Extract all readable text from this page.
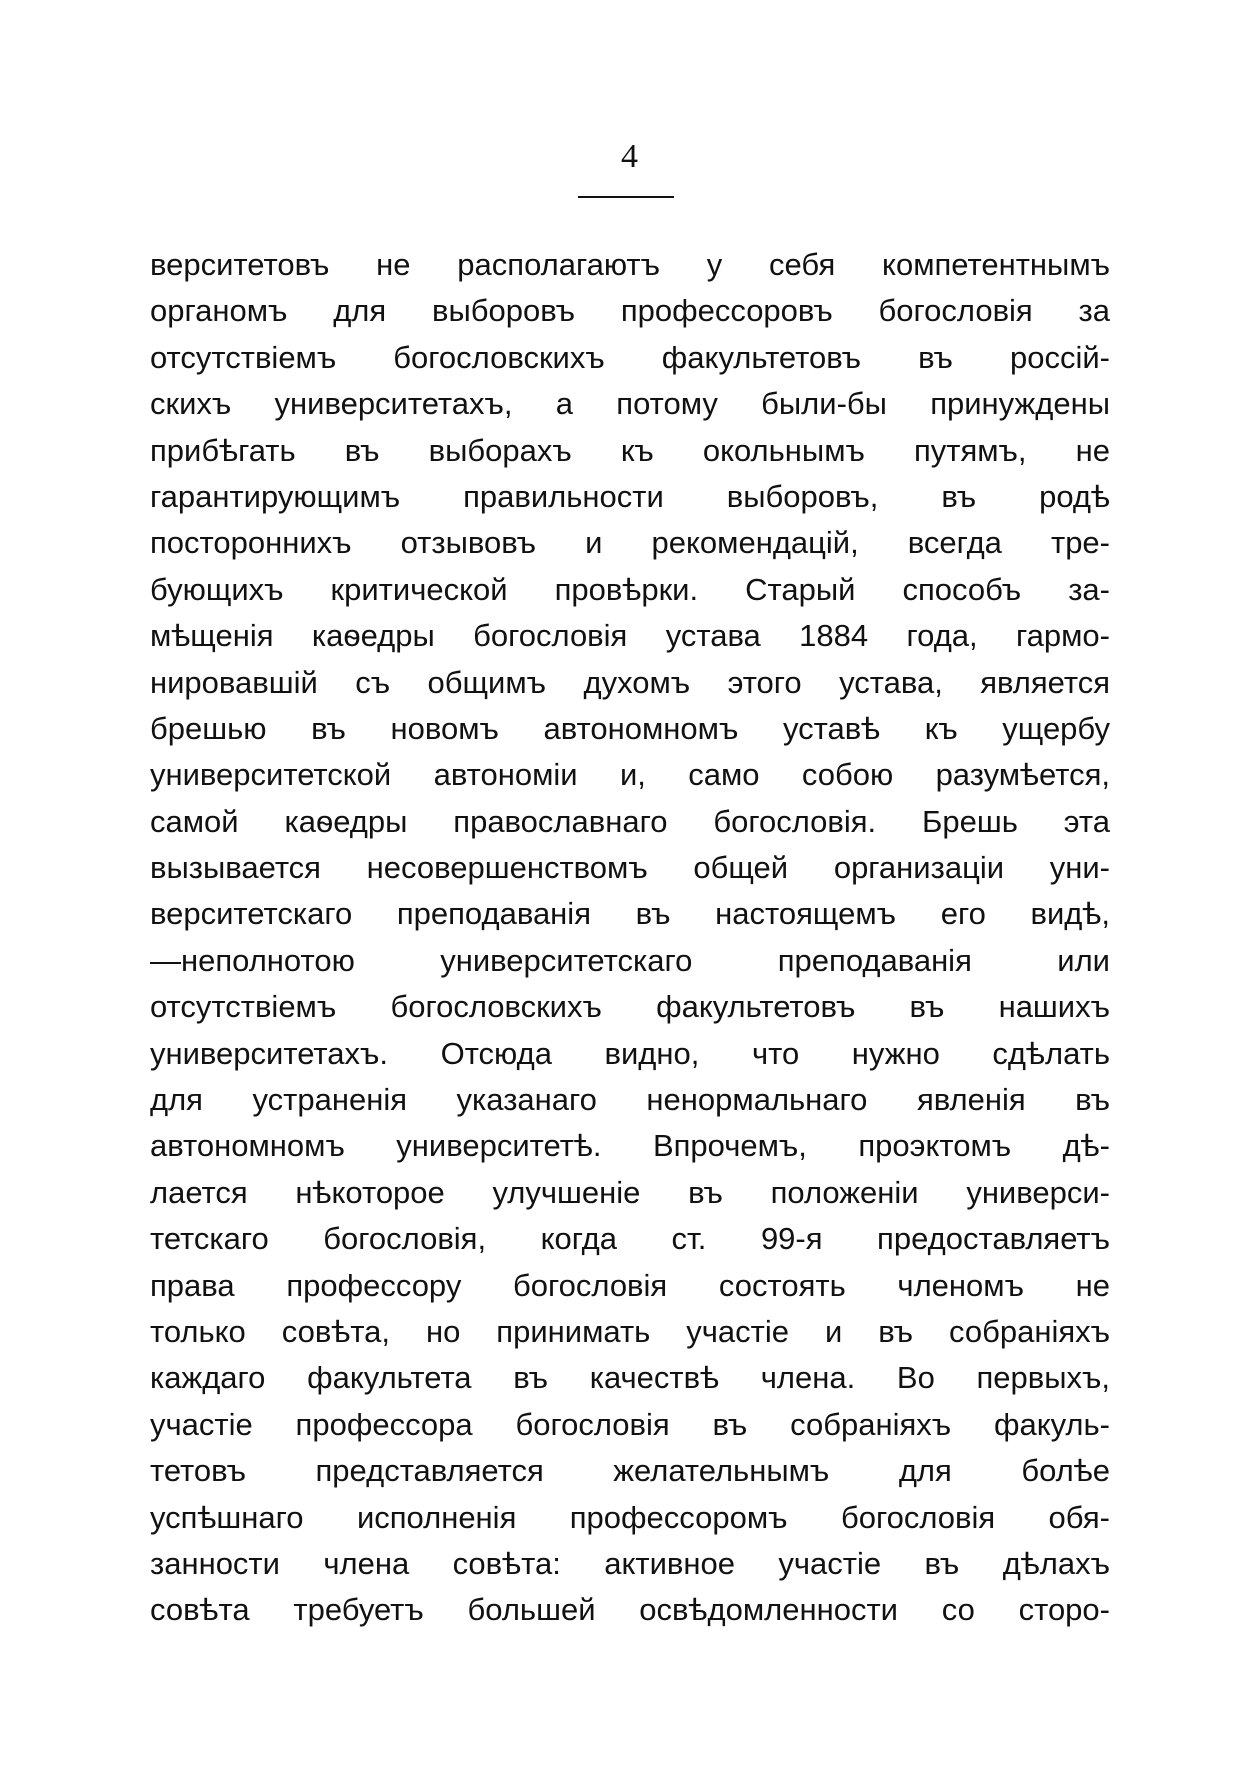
4
верситетовъ не располагаютъ у себя компетентнымъ
органомъ для выборовъ профессоровъ богословія за
отсутствіемъ богословскихъ факультетовъ въ россій-
скихъ университетахъ, а потому были-бы принуждены
прибѣгать въ выборахъ къ окольнымъ путямъ, не
гарантирующимъ правильности выборовъ, въ родѣ
постороннихъ отзывовъ и рекомендацій, всегда тре-
бующихъ критической провѣрки. Старый способъ за-
мѣщенія каѳедры богословія устава 1884 года, гармо-
нировавшій съ общимъ духомъ этого устава, является
брешью въ новомъ автономномъ уставѣ къ ущербу
университетской автономіи и, само собою разумѣется,
самой каѳедры православнаго богословія. Брешь эта
вызывается несовершенствомъ общей организаціи уни-
верситетскаго преподаванія въ настоящемъ его видѣ,
—неполнотою университетскаго преподаванія или
отсутствіемъ богословскихъ факультетовъ въ нашихъ
университетахъ. Отсюда видно, что нужно сдѣлать
для устраненія указанаго ненормальнаго явленія въ
автономномъ университетѣ. Впрочемъ, проэктомъ дѣ-
лается нѣкоторое улучшеніе въ положеніи универси-
тетскаго богословія, когда ст. 99-я предоставляетъ
права профессору богословія состоять членомъ не
только совѣта, но принимать участіе и въ собраніяхъ
каждаго факультета въ качествѣ члена. Во первыхъ,
участіе профессора богословія въ собраніяхъ факуль-
тетовъ представляется желательнымъ для болѣе
успѣшнаго исполненія профессоромъ богословія обя-
занности члена совѣта: активное участіе въ дѣлахъ
совѣта требуетъ большей освѣдомленности со сторо-
